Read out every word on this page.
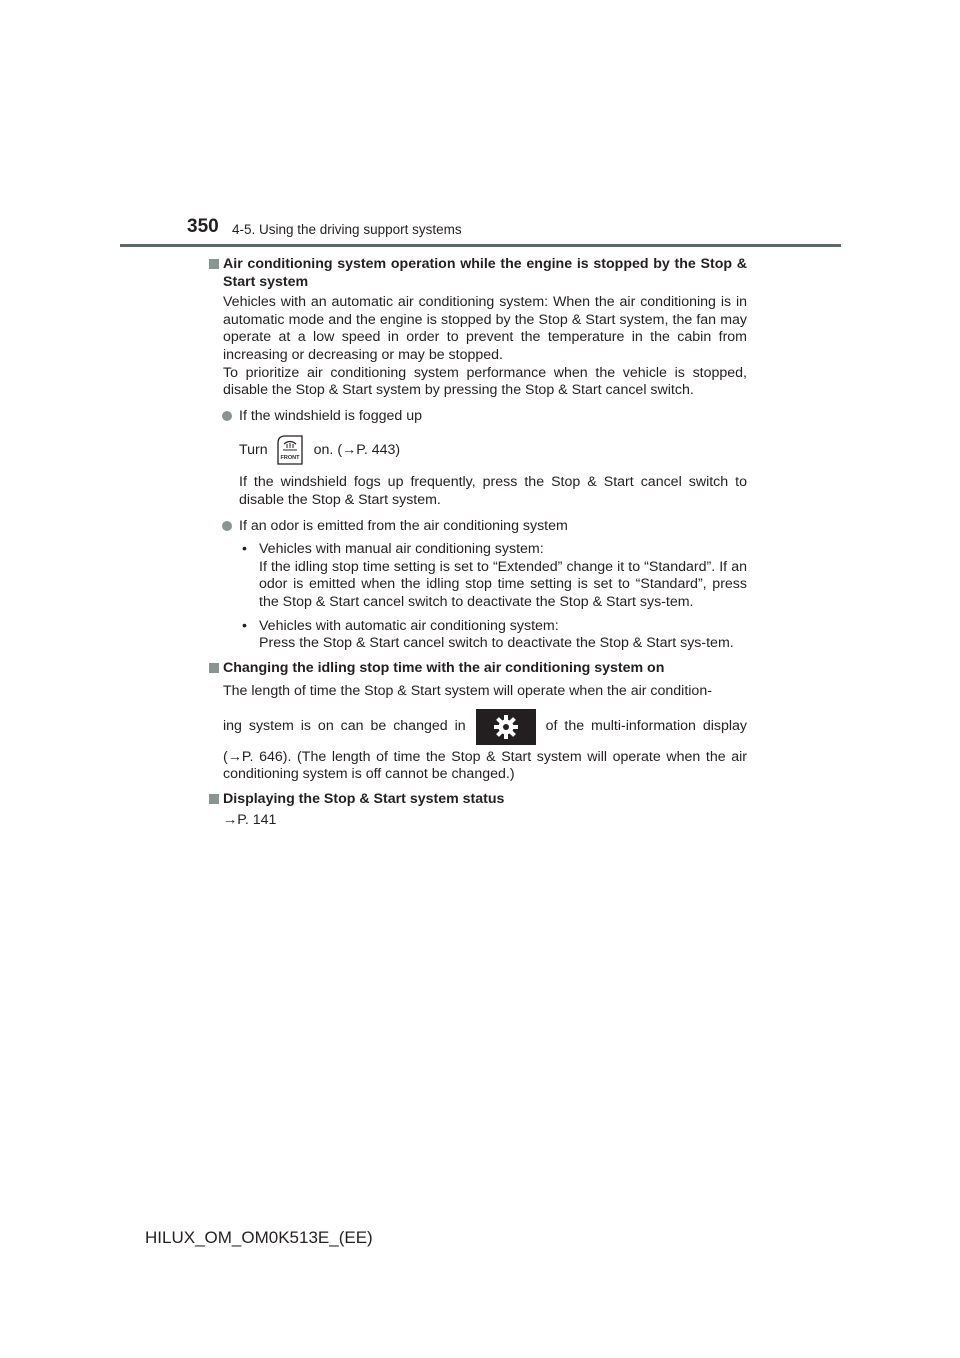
350 4-5. Using the driving support systems
Air conditioning system operation while the engine is stopped by the Stop & Start system
Vehicles with an automatic air conditioning system: When the air conditioning is in automatic mode and the engine is stopped by the Stop & Start system, the fan may operate at a low speed in order to prevent the temperature in the cabin from increasing or decreasing or may be stopped.
To prioritize air conditioning system performance when the vehicle is stopped, disable the Stop & Start system by pressing the Stop & Start cancel switch.
If the windshield is fogged up
Turn
FRONT
on. (→P. 443)
If the windshield fogs up frequently, press the Stop & Start cancel switch to disable the Stop & Start system.
If an odor is emitted from the air conditioning system
• Vehicles with manual air conditioning system:
If the idling stop time setting is set to “Extended” change it to “Standard”. If an odor is emitted when the idling stop time setting is set to “Standard”, press the Stop & Start cancel switch to deactivate the Stop & Start sys-tem.
• Vehicles with automatic air conditioning system:
Press the Stop & Start cancel switch to deactivate the Stop & Start sys-tem.
Changing the idling stop time with the air conditioning system on
The length of time the Stop & Start system will operate when the air condition-
ing system is on can be changed in	of the multi-information display
(→P. 646). (The length of time the Stop & Start system will operate when the air conditioning system is off cannot be changed.)
Displaying the Stop & Start system status
→P. 141
HILUX_OM_OM0K513E_(EE)
